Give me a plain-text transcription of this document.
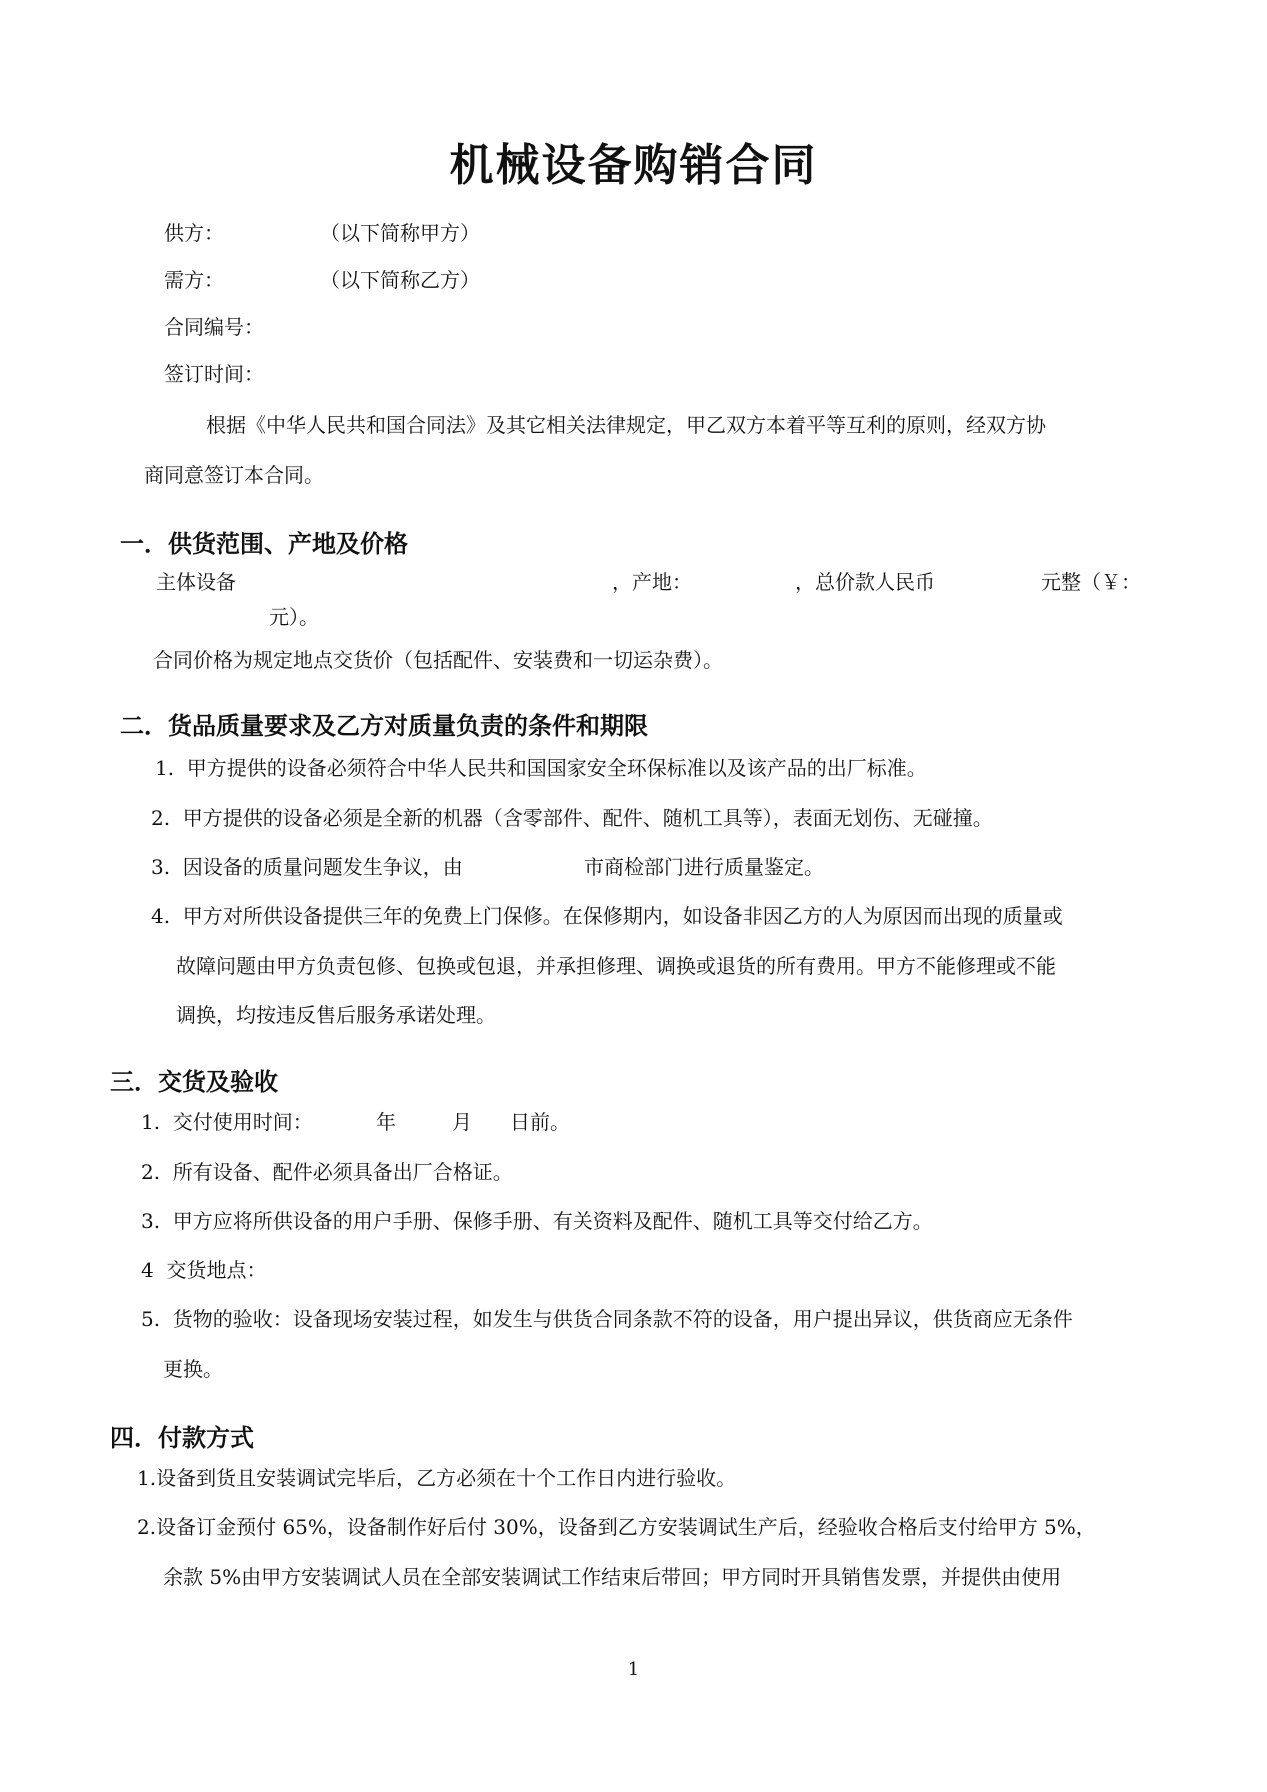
机械设备购销合同
供方：	（以下简称甲方）
需方：	（以下简称乙方）
合同编号：
签订时间：
根据《中华人民共和国合同法》及其它相关法律规定，甲乙双方本着平等互利的原则，经双方协
商同意签订本合同。
一．供货范围、产地及价格
主体设备	，产地：	，总价款人民币	元整（￥：
元）。
合同价格为规定地点交货价（包括配件、安装费和一切运杂费）。
二．货品质量要求及乙方对质量负责的条件和期限
1.  甲方提供的设备必须符合中华人民共和国国家安全环保标准以及该产品的出厂标准。
2.  甲方提供的设备必须是全新的机器（含零部件、配件、随机工具等），表面无划伤、无碰撞。
3.  因设备的质量问题发生争议，由	市商检部门进行质量鉴定。
4.  甲方对所供设备提供三年的免费上门保修。在保修期内，如设备非因乙方的人为原因而出现的质量或
故障问题由甲方负责包修、包换或包退，并承担修理、调换或退货的所有费用。甲方不能修理或不能
调换，均按违反售后服务承诺处理。
三．交货及验收
1.  交付使用时间：	年	月 日前。
2.  所有设备、配件必须具备出厂合格证。
3.  甲方应将所供设备的用户手册、保修手册、有关资料及配件、随机工具等交付给乙方。
4  交货地点：
5.  货物的验收：设备现场安装过程，如发生与供货合同条款不符的设备，用户提出异议，供货商应无条件
更换。
四．付款方式
1.设备到货且安装调试完毕后，乙方必须在十个工作日内进行验收。
2.设备订金预付 65%，设备制作好后付 30%，设备到乙方安装调试生产后，经验收合格后支付给甲方 5%，
余款 5%由甲方安装调试人员在全部安装调试工作结束后带回；甲方同时开具销售发票，并提供由使用
1
